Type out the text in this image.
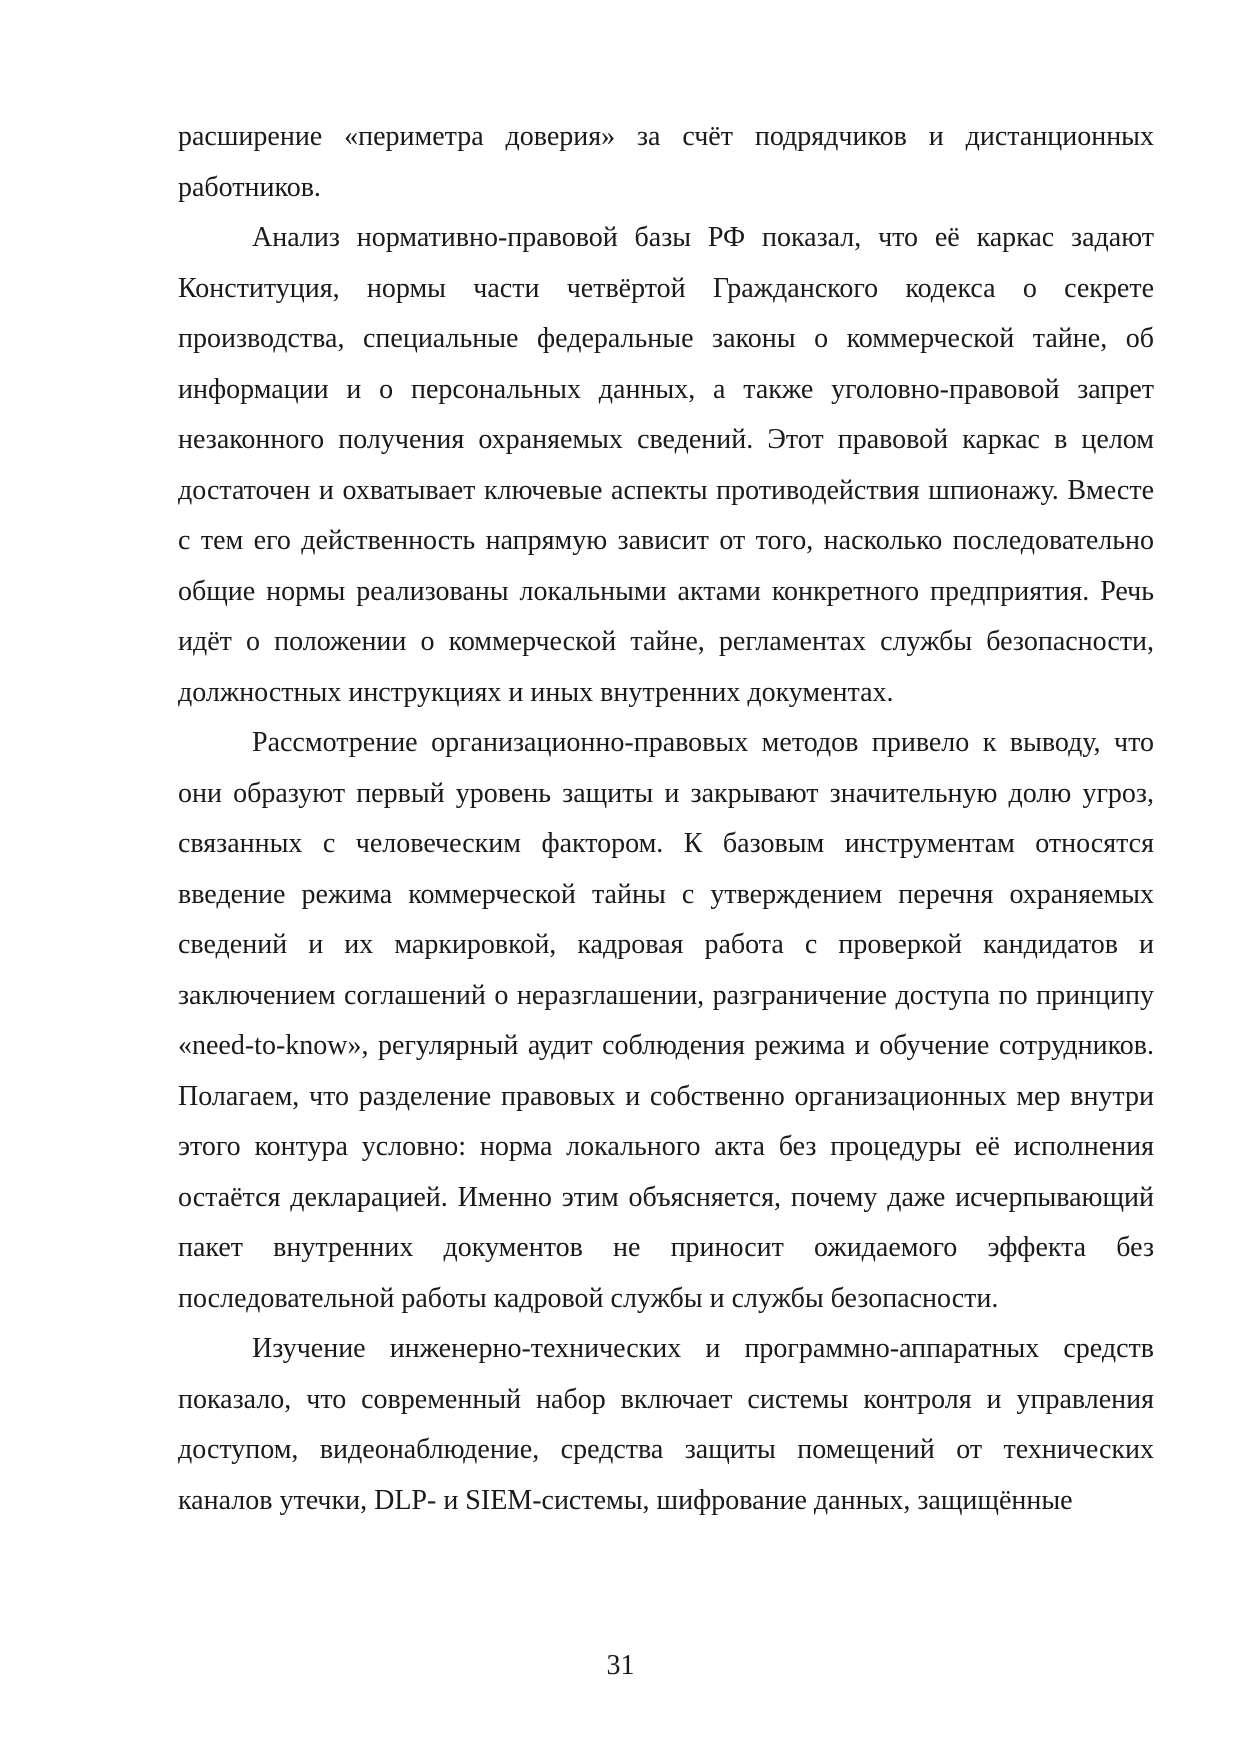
расширение «периметра доверия» за счёт подрядчиков и дистанционных работников.

Анализ нормативно-правовой базы РФ показал, что её каркас задают Конституция, нормы части четвёртой Гражданского кодекса о секрете производства, специальные федеральные законы о коммерческой тайне, об информации и о персональных данных, а также уголовно-правовой запрет незаконного получения охраняемых сведений. Этот правовой каркас в целом достаточен и охватывает ключевые аспекты противодействия шпионажу. Вместе с тем его действенность напрямую зависит от того, насколько последовательно общие нормы реализованы локальными актами конкретного предприятия. Речь идёт о положении о коммерческой тайне, регламентах службы безопасности, должностных инструкциях и иных внутренних документах.

Рассмотрение организационно-правовых методов привело к выводу, что они образуют первый уровень защиты и закрывают значительную долю угроз, связанных с человеческим фактором. К базовым инструментам относятся введение режима коммерческой тайны с утверждением перечня охраняемых сведений и их маркировкой, кадровая работа с проверкой кандидатов и заключением соглашений о неразглашении, разграничение доступа по принципу «need-to-know», регулярный аудит соблюдения режима и обучение сотрудников. Полагаем, что разделение правовых и собственно организационных мер внутри этого контура условно: норма локального акта без процедуры её исполнения остаётся декларацией. Именно этим объясняется, почему даже исчерпывающий пакет внутренних документов не приносит ожидаемого эффекта без последовательной работы кадровой службы и службы безопасности.

Изучение инженерно-технических и программно-аппаратных средств показало, что современный набор включает системы контроля и управления доступом, видеонаблюдение, средства защиты помещений от технических каналов утечки, DLP- и SIEM-системы, шифрование данных, защищённые

31
